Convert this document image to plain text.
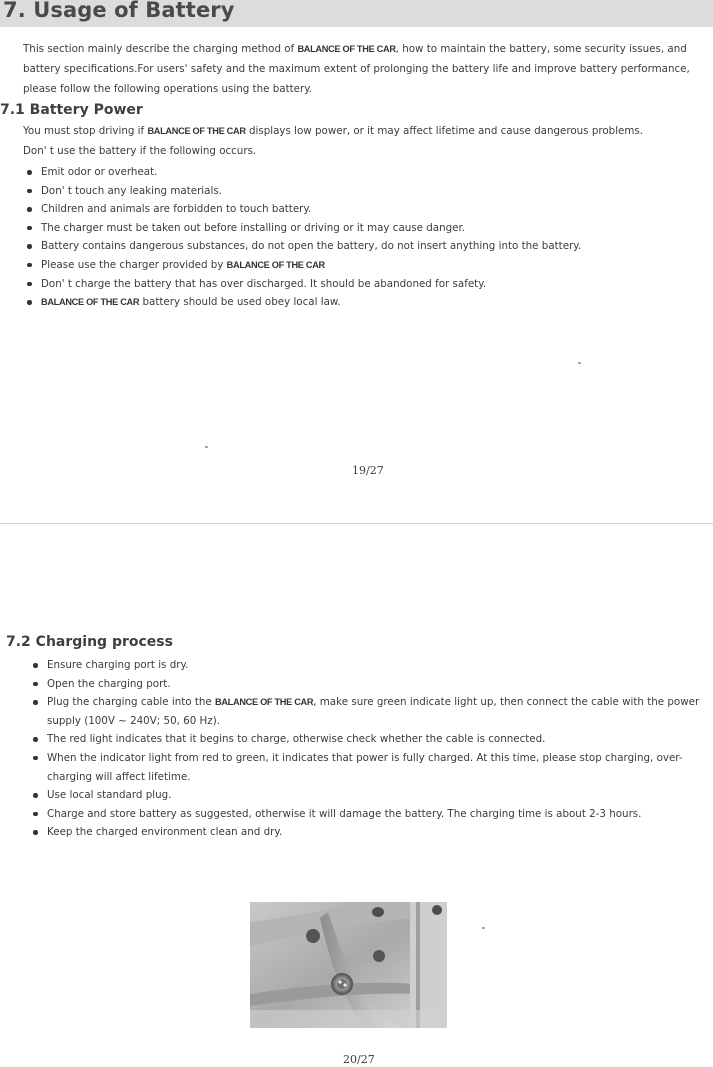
7. Usage of Battery
This section mainly describe the charging method of BALANCE OF THE CAR, how to maintain the battery, some security issues, and battery specifications.For users' safety and the maximum extent of prolonging the battery life and improve battery performance, please follow the following operations using the battery.
7.1 Battery Power
You must stop driving if BALANCE OF THE CAR displays low power, or it may affect lifetime and cause dangerous problems.
Don' t use the battery if the following occurs.
Emit odor or overheat.
Don' t touch any leaking materials.
Children and animals are forbidden to touch battery.
The charger must be taken out before installing or driving or it may cause danger.
Battery contains dangerous substances, do not open the battery, do not insert anything into the battery.
Please use the charger provided by BALANCE OF THE CAR
Don' t charge the battery that has over discharged. It should be abandoned for safety.
BALANCE OF THE CAR battery should be used obey local law.
19/27
7.2 Charging process
Ensure charging port is dry.
Open the charging port.
Plug the charging cable into the BALANCE OF THE CAR, make sure green indicate light up, then connect the cable with the power supply (100V ~ 240V; 50, 60 Hz).
The red light indicates that it begins to charge, otherwise check whether the cable is connected.
When the indicator light from red to green, it indicates that power is fully charged. At this time, please stop charging, over-charging will affect lifetime.
Use local standard plug.
Charge and store battery as suggested, otherwise it will damage the battery. The charging time is about 2-3 hours.
Keep the charged environment clean and dry.
20/27
